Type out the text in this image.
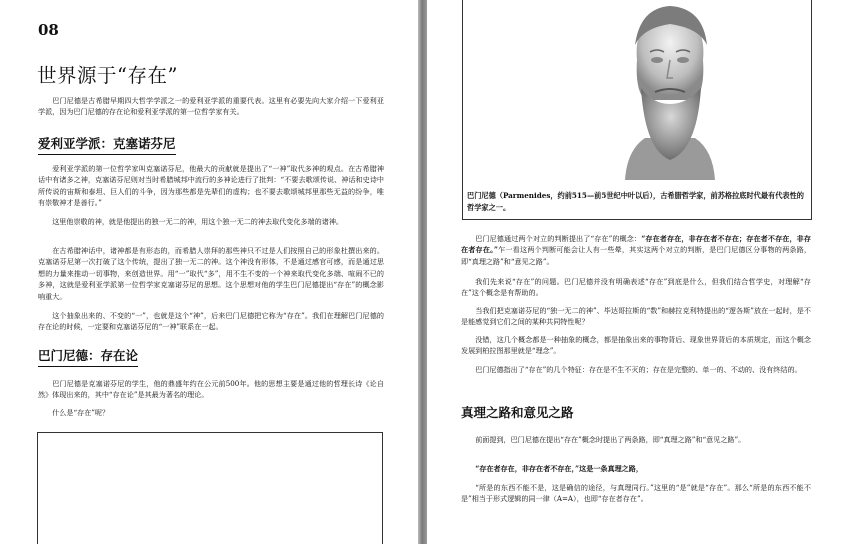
08
世界源于“存在”

巴门尼德是古希腊早期四大哲学学派之一的爱利亚学派的重要代表。这里有必要先向大家介绍一下爱利亚学派，因为巴门尼德的存在论和爱利亚学派的第一位哲学家有关。

爱利亚学派：克塞诺芬尼

爱利亚学派的第一位哲学家叫克塞诺芬尼，他最大的贡献就是提出了“一神”取代多神的观点。在古希腊神话中有诸多之神，克塞诺芬尼则对当时希腊城邦中流行的多神论进行了批判：“不要去歌颂传说、神话和史诗中所传说的宙斯和泰坦、巨人们的斗争，因为那些都是先辈们的虚构；也不要去歌颂城邦里那些无益的纷争，唯有崇敬神才是善行。”

这里他崇敬的神，就是他提出的独一无二的神，用这个独一无二的神去取代变化多端的诸神。

在古希腊神话中，诸神都是有形态的，而希腊人崇拜的那些神只不过是人们按照自己的形象杜撰出来的。克塞诺芬尼第一次打破了这个传统，提出了独一无二的神。这个神没有形体，不是通过感官可感，而是通过思想的力量来推动一切事物，来创造世界。用“一”取代“多”，用不生不变的一个神来取代变化多端、喧闹不已的多神，这就是爱利亚学派第一位哲学家克塞诺芬尼的思想。这个思想对他的学生巴门尼德提出“存在”的概念影响重大。

这个抽象出来的、不变的“一”，也就是这个“神”，后来巴门尼德把它称为“存在”。我们在理解巴门尼德的存在论的时候，一定要和克塞诺芬尼的“一神”联系在一起。

巴门尼德：存在论

巴门尼德是克塞诺芬尼的学生，他的鼎盛年约在公元前500年。他的思想主要是通过他的哲理长诗《论自然》体现出来的，其中“存在论”是其最为著名的理论。

什么是“存在”呢？

巴门尼德（Parmenides，约前515—前5世纪中叶以后），古希腊哲学家，前苏格拉底时代最有代表性的哲学家之一。

巴门尼德通过两个对立的判断提出了“存在”的概念：“存在者存在，非存在者不存在；存在者不存在，非存在者存在。”乍一看这两个判断可能会让人有一些晕，其实这两个对立的判断，是巴门尼德区分事物的两条路，即“真理之路”和“意见之路”。

我们先来说“存在”的问题。巴门尼德并没有明确表述“存在”到底是什么，但我们结合哲学史，对理解“存在”这个概念是有帮助的。

当我们把克塞诺芬尼的“独一无二的神”、毕达哥拉斯的“数”和赫拉克利特提出的“逻各斯”放在一起时，是不是能感觉到它们之间的某种共同特性呢？

没错，这几个概念都是一种抽象的概念，都是抽象出来的事物背后、现象世界背后的本质规定，而这个概念发展到柏拉图那里就是“理念”。

巴门尼德指出了“存在”的几个特征：存在是不生不灭的；存在是完整的、单一的、不动的、没有终结的。

真理之路和意见之路

前面提到，巴门尼德在提出“存在”概念时提出了两条路，即“真理之路”和“意见之路”。

“存在者存在，非存在者不存在，”这是一条真理之路，

“所是的东西不能不是，这是确信的途径，与真理同行。”这里的“是”就是“存在”。那么“所是的东西不能不是”相当于形式逻辑的同一律（A=A），也即“存在者存在”。
